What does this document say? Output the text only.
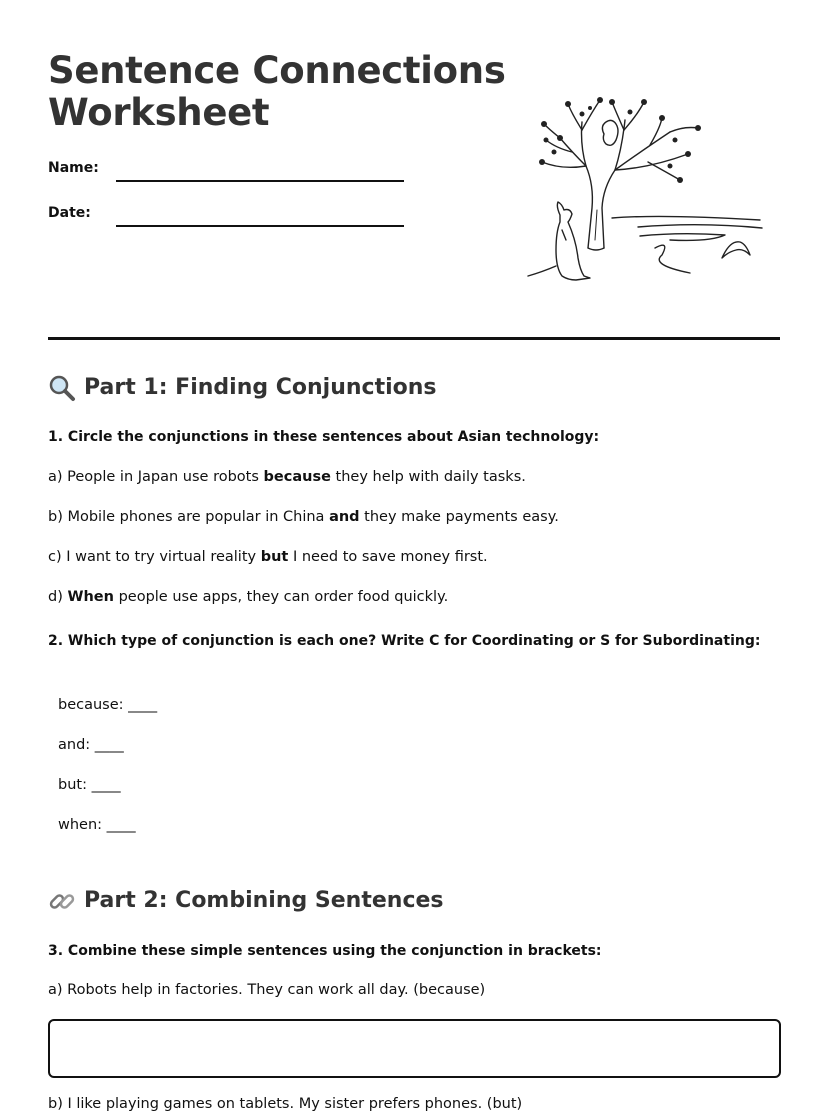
Sentence Connections
Worksheet
Name:
Date:
Part 1: Finding Conjunctions

1. Circle the conjunctions in these sentences about Asian technology:

a) People in Japan use robots because they help with daily tasks.

b) Mobile phones are popular in China and they make payments easy.

c) I want to try virtual reality but I need to save money first.

d) When people use apps, they can order food quickly.

2. Which type of conjunction is each one? Write C for Coordinating or S for Subordinating:

because: ____

and: ____

but: ____

when: ____

Part 2: Combining Sentences

3. Combine these simple sentences using the conjunction in brackets:

a) Robots help in factories. They can work all day. (because)

b) I like playing games on tablets. My sister prefers phones. (but)
